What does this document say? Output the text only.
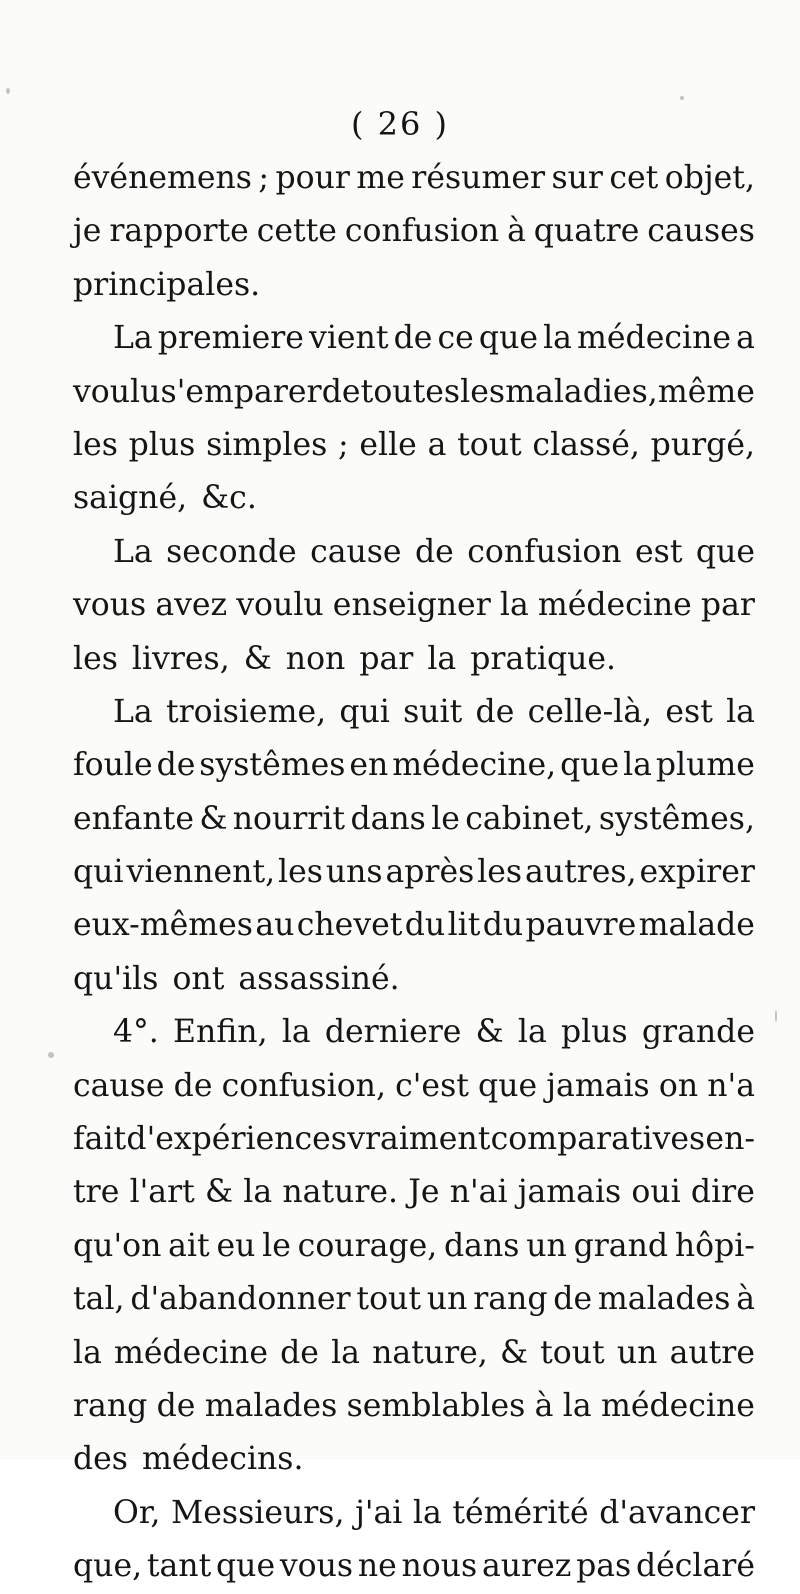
( 26 )
événemens ; pour me résumer sur cet objet,
je rapporte cette confusion à quatre causes
principales.
La premiere vient de ce que la médecine a
voulu s'emparer de toutes les maladies, même
les plus simples ; elle a tout classé, purgé,
saigné, &c.
La seconde cause de confusion est que
vous avez voulu enseigner la médecine par
les livres, & non par la pratique.
La troisieme, qui suit de celle-là, est la
foule de systêmes en médecine, que la plume
enfante & nourrit dans le cabinet, systêmes,
qui viennent, les uns après les autres, expirer
eux-mêmes au chevet du lit du pauvre malade
qu'ils ont assassiné.
4°. Enfin, la derniere & la plus grande
cause de confusion, c'est que jamais on n'a
fait d'expériences vraiment comparatives en-
tre l'art & la nature. Je n'ai jamais oui dire
qu'on ait eu le courage, dans un grand hôpi-
tal, d'abandonner tout un rang de malades à
la médecine de la nature, & tout un autre
rang de malades semblables à la médecine
des médecins.
Or, Messieurs, j'ai la témérité d'avancer
que, tant que vous ne nous aurez pas déclaré
